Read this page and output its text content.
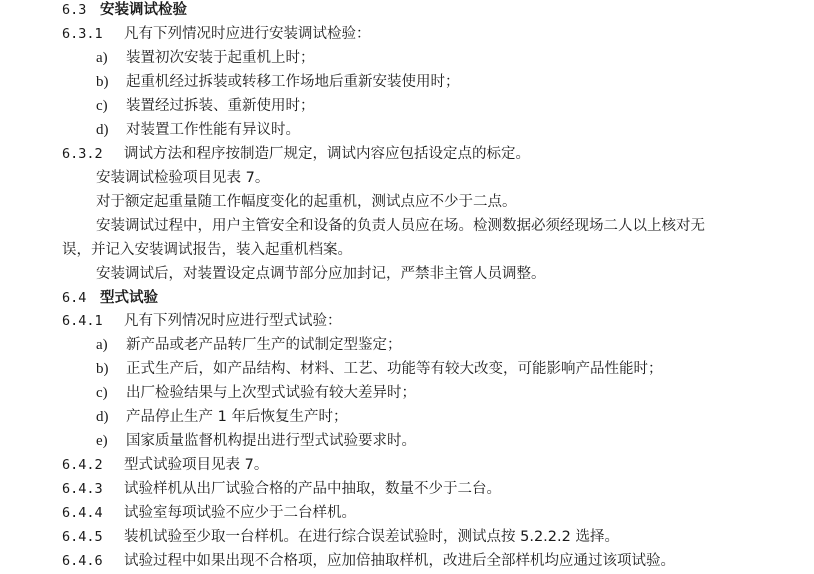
6.3 安装调试检验
6.3.1 凡有下列情况时应进行安装调试检验：
a) 装置初次安装于起重机上时；
b) 起重机经过拆装或转移工作场地后重新安装使用时；
c) 装置经过拆装、重新使用时；
d) 对装置工作性能有异议时。
6.3.2 调试方法和程序按制造厂规定，调试内容应包括设定点的标定。
安装调试检验项目见表 7。
对于额定起重量随工作幅度变化的起重机，测试点应不少于二点。
安装调试过程中，用户主管安全和设备的负责人员应在场。检测数据必须经现场二人以上核对无
误，并记入安装调试报告，装入起重机档案。
安装调试后，对装置设定点调节部分应加封记，严禁非主管人员调整。
6.4 型式试验
6.4.1 凡有下列情况时应进行型式试验：
a) 新产品或老产品转厂生产的试制定型鉴定；
b) 正式生产后，如产品结构、材料、工艺、功能等有较大改变，可能影响产品性能时；
c) 出厂检验结果与上次型式试验有较大差异时；
d) 产品停止生产 1 年后恢复生产时；
e) 国家质量监督机构提出进行型式试验要求时。
6.4.2 型式试验项目见表 7。
6.4.3 试验样机从出厂试验合格的产品中抽取，数量不少于二台。
6.4.4 试验室每项试验不应少于二台样机。
6.4.5 装机试验至少取一台样机。在进行综合误差试验时，测试点按 5.2.2.2 选择。
6.4.6 试验过程中如果出现不合格项，应加倍抽取样机，改进后全部样机均应通过该项试验。
